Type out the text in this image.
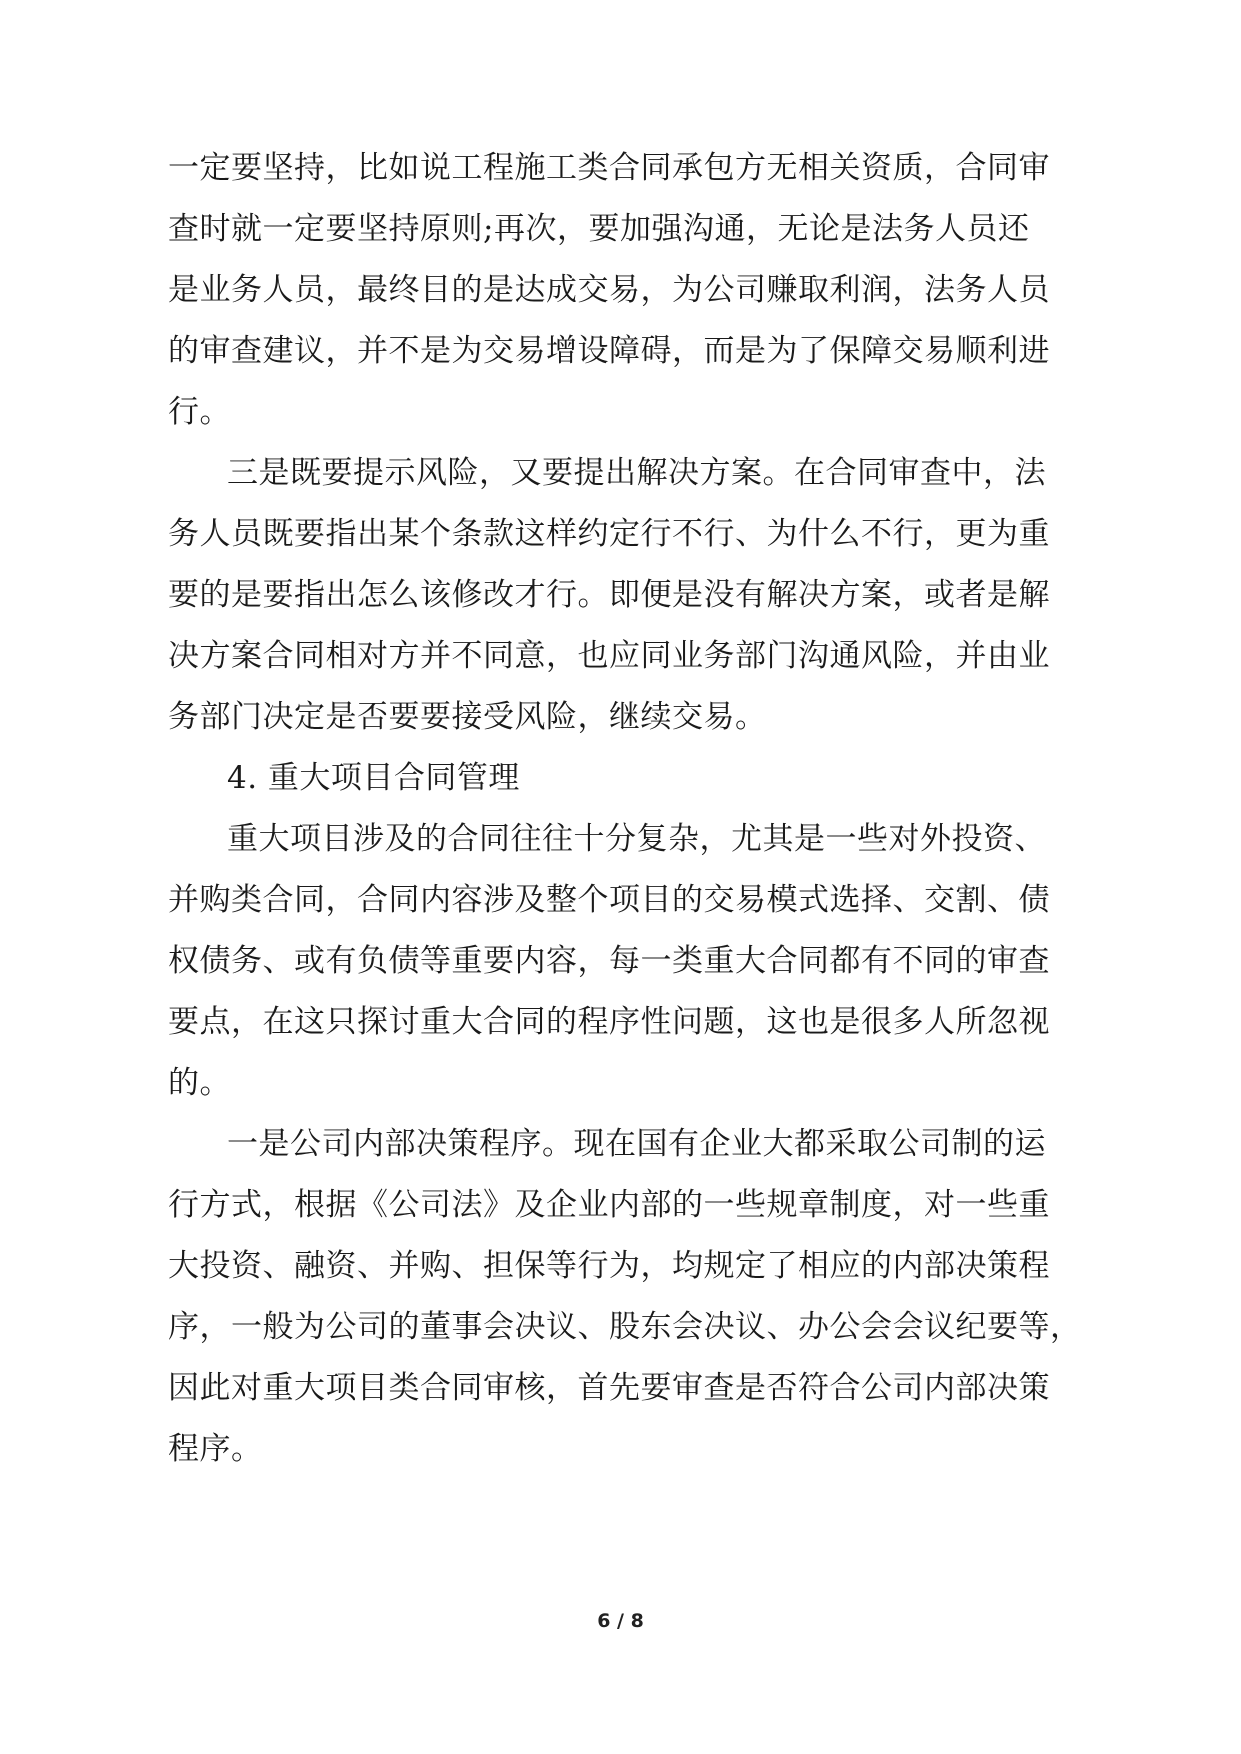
一定要坚持，比如说工程施工类合同承包方无相关资质，合同审
查时就一定要坚持原则;再次，要加强沟通，无论是法务人员还
是业务人员，最终目的是达成交易，为公司赚取利润，法务人员
的审查建议，并不是为交易增设障碍，而是为了保障交易顺利进
行。
三是既要提示风险，又要提出解决方案。在合同审查中，法
务人员既要指出某个条款这样约定行不行、为什么不行，更为重
要的是要指出怎么该修改才行。即便是没有解决方案，或者是解
决方案合同相对方并不同意，也应同业务部门沟通风险，并由业
务部门决定是否要要接受风险，继续交易。
4. 重大项目合同管理
重大项目涉及的合同往往十分复杂，尤其是一些对外投资、
并购类合同，合同内容涉及整个项目的交易模式选择、交割、债
权债务、或有负债等重要内容，每一类重大合同都有不同的审查
要点，在这只探讨重大合同的程序性问题，这也是很多人所忽视
的。
一是公司内部决策程序。现在国有企业大都采取公司制的运
行方式，根据《公司法》及企业内部的一些规章制度，对一些重
大投资、融资、并购、担保等行为，均规定了相应的内部决策程
序，一般为公司的董事会决议、股东会决议、办公会会议纪要等，
因此对重大项目类合同审核，首先要审查是否符合公司内部决策
程序。
6 / 8
